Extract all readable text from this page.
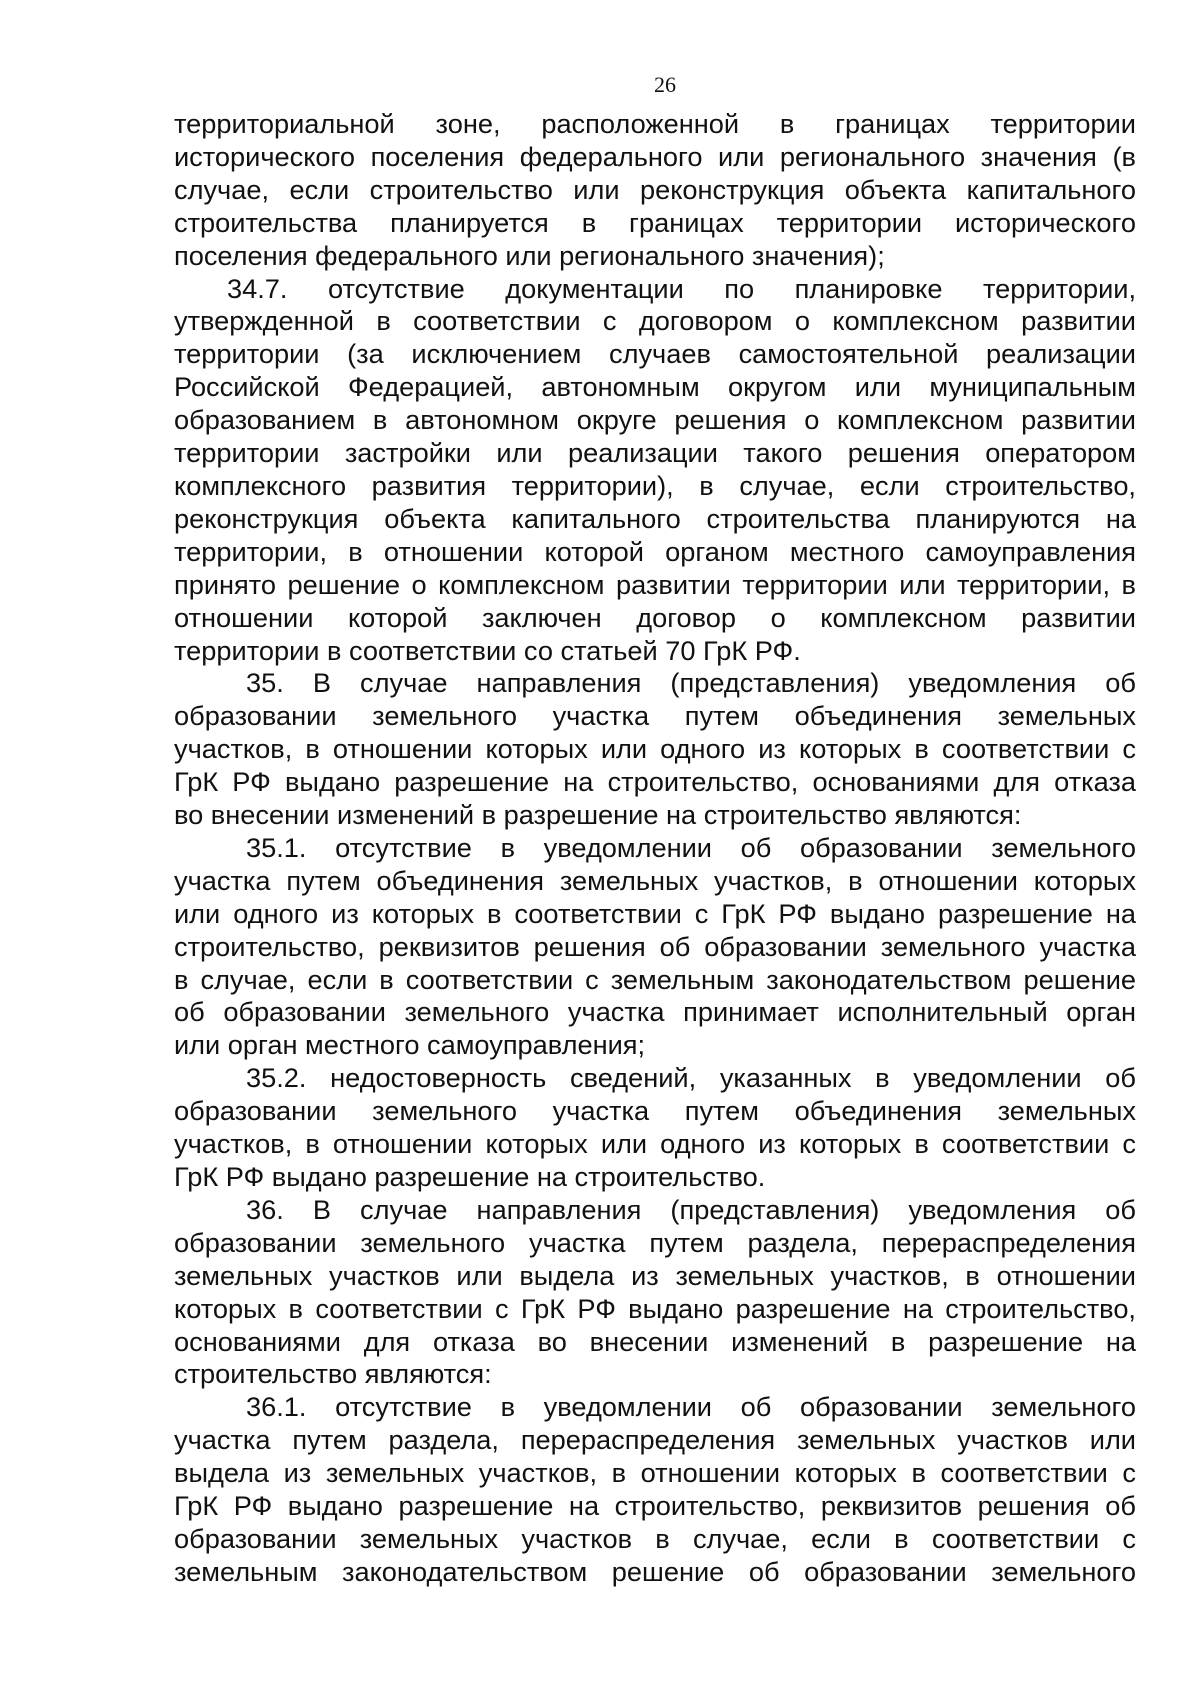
26

территориальной зоне, расположенной в границах территории
исторического поселения федерального или регионального значения (в
случае, если строительство или реконструкция объекта капитального
строительства планируется в границах территории исторического
поселения федерального или регионального значения);

34.7. отсутствие документации по планировке территории,
утвержденной в соответствии с договором о комплексном развитии
территории (за исключением случаев самостоятельной реализации
Российской Федерацией, автономным округом или муниципальным
образованием в автономном округе решения о комплексном развитии
территории застройки или реализации такого решения оператором
комплексного развития территории), в случае, если строительство,
реконструкция объекта капитального строительства планируются на
территории, в отношении которой органом местного самоуправления
принято решение о комплексном развитии территории или территории, в
отношении которой заключен договор о комплексном развитии
территории в соответствии со статьей 70 ГрК РФ.

35. В случае направления (представления) уведомления об
образовании земельного участка путем объединения земельных
участков, в отношении которых или одного из которых в соответствии с
ГрК РФ выдано разрешение на строительство, основаниями для отказа
во внесении изменений в разрешение на строительство являются:

35.1. отсутствие в уведомлении об образовании земельного
участка путем объединения земельных участков, в отношении которых
или одного из которых в соответствии с ГрК РФ выдано разрешение на
строительство, реквизитов решения об образовании земельного участка
в случае, если в соответствии с земельным законодательством решение
об образовании земельного участка принимает исполнительный орган
или орган местного самоуправления;

35.2. недостоверность сведений, указанных в уведомлении об
образовании земельного участка путем объединения земельных
участков, в отношении которых или одного из которых в соответствии с
ГрК РФ выдано разрешение на строительство.

36. В случае направления (представления) уведомления об
образовании земельного участка путем раздела, перераспределения
земельных участков или выдела из земельных участков, в отношении
которых в соответствии с ГрК РФ выдано разрешение на строительство,
основаниями для отказа во внесении изменений в разрешение на
строительство являются:

36.1. отсутствие в уведомлении об образовании земельного
участка путем раздела, перераспределения земельных участков или
выдела из земельных участков, в отношении которых в соответствии с
ГрК РФ выдано разрешение на строительство, реквизитов решения об
образовании земельных участков в случае, если в соответствии с
земельным законодательством решение об образовании земельного
